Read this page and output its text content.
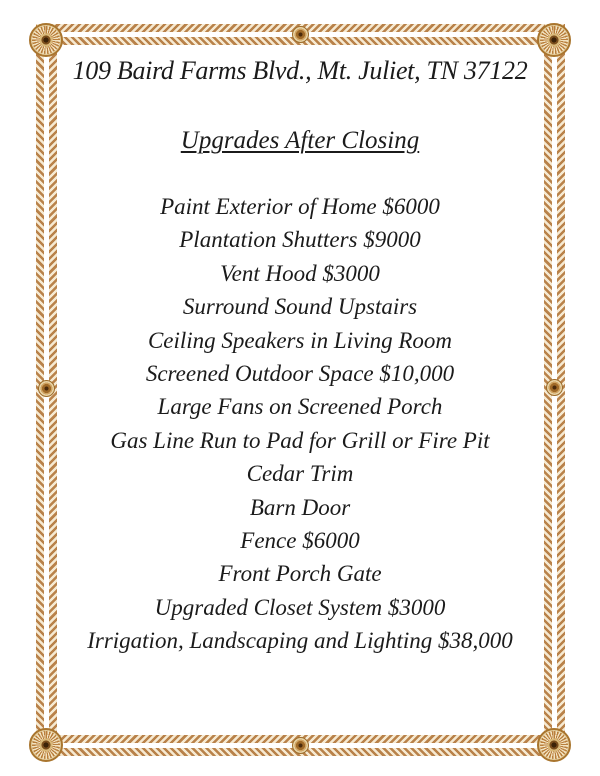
109 Baird Farms Blvd., Mt. Juliet, TN 37122
Upgrades After Closing
Paint Exterior of Home $6000
Plantation Shutters $9000
Vent Hood $3000
Surround Sound Upstairs
Ceiling Speakers in Living Room
Screened Outdoor Space $10,000
Large Fans on Screened Porch
Gas Line Run to Pad for Grill or Fire Pit
Cedar Trim
Barn Door
Fence $6000
Front Porch Gate
Upgraded Closet System $3000
Irrigation, Landscaping and Lighting $38,000
